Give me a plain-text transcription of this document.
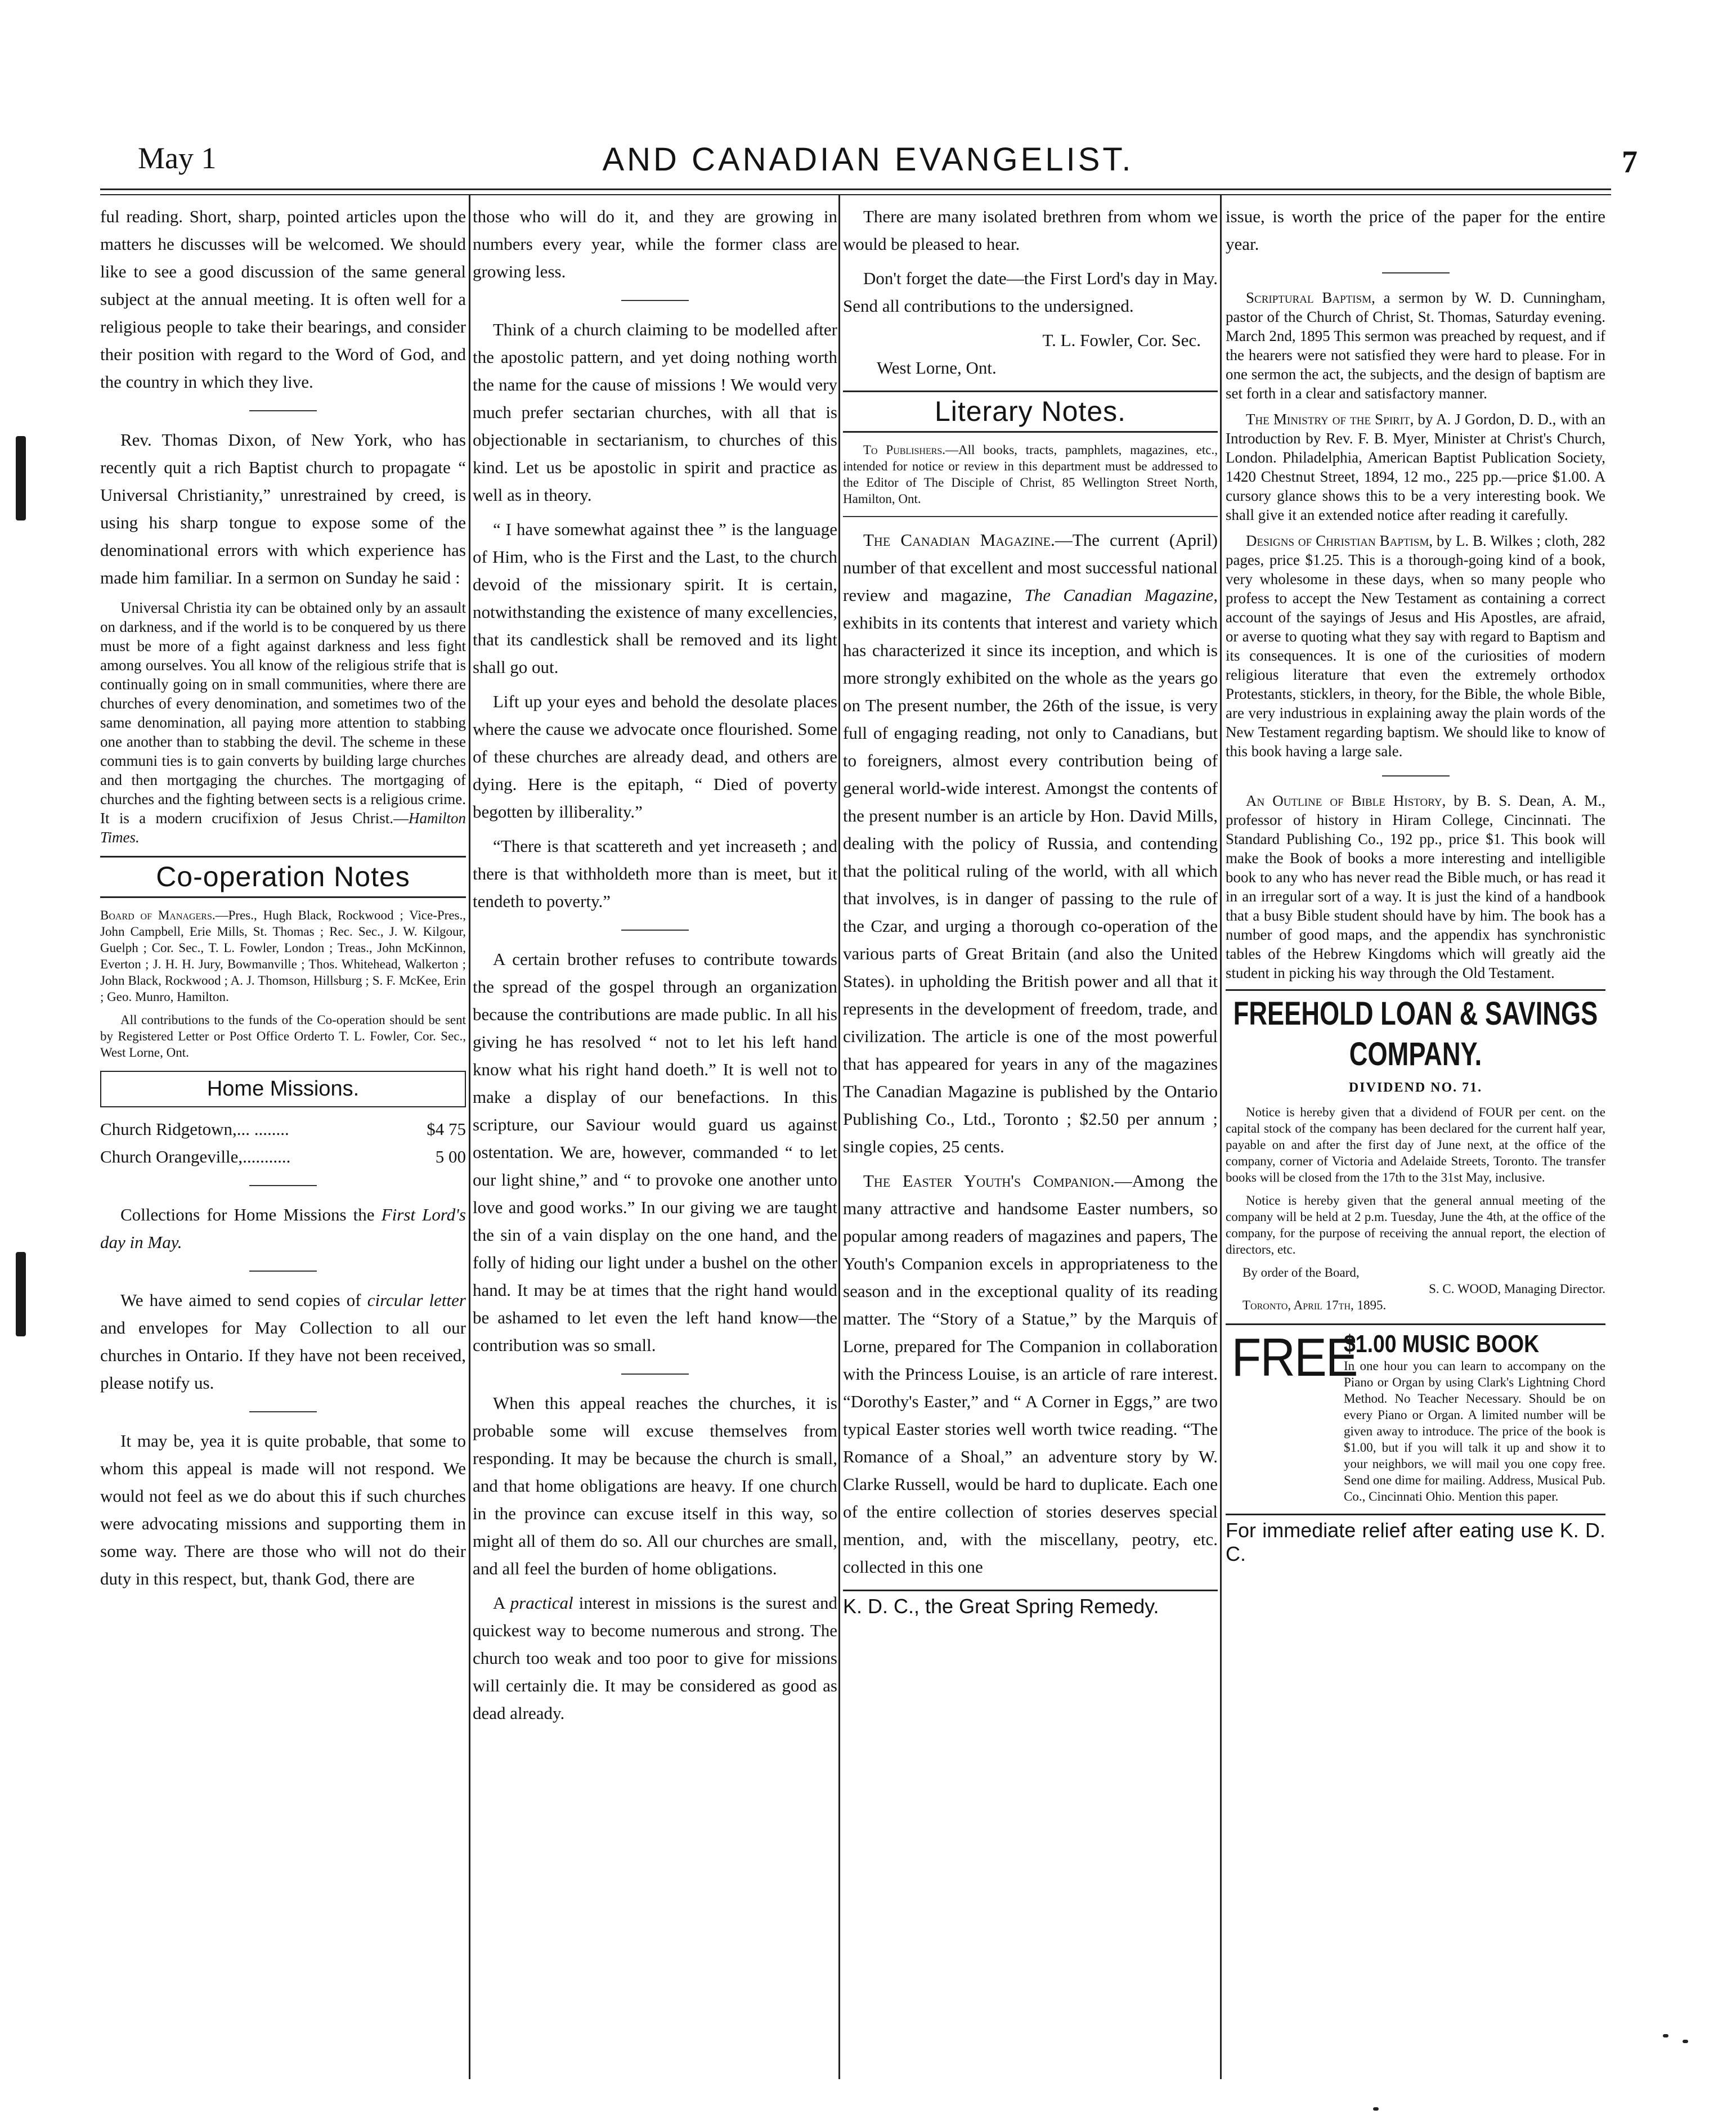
May 1	AND CANADIAN EVANGELIST.	7

ful reading. Short, sharp, pointed articles upon the matters he discusses will be welcomed. We should like to see a good discussion of the same general subject at the annual meeting. It is often well for a religious people to take their bearings, and consider their position with regard to the Word of God, and the country in which they live.

Rev. Thomas Dixon, of New York, who has recently quit a rich Baptist church to propagate “ Universal Christianity,” unrestrained by creed, is using his sharp tongue to expose some of the denominational errors with which experience has made him familiar. In a sermon on Sunday he said :

Universal Christia ity can be obtained only by an assault on darkness, and if the world is to be conquered by us there must be more of a fight against darkness and less fight among ourselves. You all know of the religious strife that is continually going on in small communities, where there are churches of every denomination, and sometimes two of the same denomination, all paying more attention to stabbing one another than to stabbing the devil. The scheme in these communi ties is to gain converts by building large churches and then mortgaging the churches. The mortgaging of churches and the fighting between sects is a religious crime. It is a modern crucifixion of Jesus Christ.—Hamilton Times.

Co-operation Notes

Board of Managers.—Pres., Hugh Black, Rockwood ; Vice-Pres., John Campbell, Erie Mills, St. Thomas ; Rec. Sec., J. W. Kilgour, Guelph ; Cor. Sec., T. L. Fowler, London ; Treas., John McKinnon, Everton ; J. H. H. Jury, Bowmanville ; Thos. Whitehead, Walkerton ; John Black, Rockwood ; A. J. Thomson, Hillsburg ; S. F. McKee, Erin ; Geo. Munro, Hamilton.

All contributions to the funds of the Co-operation should be sent by Registered Letter or Post Office Orderto T. L. Fowler, Cor. Sec., West Lorne, Ont.

Home Missions.
Church Ridgetown,... ........	$4 75
Church Orangeville,...........	5 00

Collections for Home Missions the First Lord's day in May.

We have aimed to send copies of circular letter and envelopes for May Collection to all our churches in Ontario. If they have not been received, please notify us.

It may be, yea it is quite probable, that some to whom this appeal is made will not respond. We would not feel as we do about this if such churches were advocating missions and supporting them in some way. There are those who will not do their duty in this respect, but, thank God, there are

those who will do it, and they are growing in numbers every year, while the former class are growing less.

Think of a church claiming to be modelled after the apostolic pattern, and yet doing nothing worth the name for the cause of missions ! We would very much prefer sectarian churches, with all that is objectionable in sectarianism, to churches of this kind. Let us be apostolic in spirit and practice as well as in theory.

“ I have somewhat against thee ” is the language of Him, who is the First and the Last, to the church devoid of the missionary spirit. It is certain, notwithstanding the existence of many excellencies, that its candlestick shall be removed and its light shall go out.

Lift up your eyes and behold the desolate places where the cause we advocate once flourished. Some of these churches are already dead, and others are dying. Here is the epitaph, “ Died of poverty begotten by illiberality.”

“There is that scattereth and yet increaseth ; and there is that withholdeth more than is meet, but it tendeth to poverty.”

A certain brother refuses to contribute towards the spread of the gospel through an organization because the contributions are made public. In all his giving he has resolved “ not to let his left hand know what his right hand doeth.” It is well not to make a display of our benefactions. In this scripture, our Saviour would guard us against ostentation. We are, however, commanded “ to let our light shine,” and “ to provoke one another unto love and good works.” In our giving we are taught the sin of a vain display on the one hand, and the folly of hiding our light under a bushel on the other hand. It may be at times that the right hand would be ashamed to let even the left hand know—the contribution was so small.

When this appeal reaches the churches, it is probable some will excuse themselves from responding. It may be because the church is small, and that home obligations are heavy. If one church in the province can excuse itself in this way, so might all of them do so. All our churches are small, and all feel the burden of home obligations.

A practical interest in missions is the surest and quickest way to become numerous and strong. The church too weak and too poor to give for missions will certainly die. It may be considered as good as dead already.

There are many isolated brethren from whom we would be pleased to hear.

Don't forget the date—the First Lord's day in May. Send all contributions to the undersigned.

T. L. Fowler, Cor. Sec.
West Lorne, Ont.
Literary Notes.

To Publishers.—All books, tracts, pamphlets, magazines, etc., intended for notice or review in this department must be addressed to the Editor of The Disciple of Christ, 85 Wellington Street North, Hamilton, Ont.

The Canadian Magazine.—The current (April) number of that excellent and most successful national review and magazine, The Canadian Magazine, exhibits in its contents that interest and variety which has characterized it since its inception, and which is more strongly exhibited on the whole as the years go on The present number, the 26th of the issue, is very full of engaging reading, not only to Canadians, but to foreigners, almost every contribution being of general world-wide interest. Amongst the contents of the present number is an article by Hon. David Mills, dealing with the policy of Russia, and contending that the political ruling of the world, with all which that involves, is in danger of passing to the rule of the Czar, and urging a thorough co-operation of the various parts of Great Britain (and also the United States). in upholding the British power and all that it represents in the development of freedom, trade, and civilization. The article is one of the most powerful that has appeared for years in any of the magazines The Canadian Magazine is published by the Ontario Publishing Co., Ltd., Toronto ; $2.50 per annum ; single copies, 25 cents.

The Easter Youth's Companion.—Among the many attractive and handsome Easter numbers, so popular among readers of magazines and papers, The Youth's Companion excels in appropriateness to the season and in the exceptional quality of its reading matter. The “Story of a Statue,” by the Marquis of Lorne, prepared for The Companion in collaboration with the Princess Louise, is an article of rare interest. “Dorothy's Easter,” and “ A Corner in Eggs,” are two typical Easter stories well worth twice reading. “The Romance of a Shoal,” an adventure story by W. Clarke Russell, would be hard to duplicate. Each one of the entire collection of stories deserves special mention, and, with the miscellany, peotry, etc. collected in this one

K. D. C., the Great Spring Remedy.

issue, is worth the price of the paper for the entire year.

Scriptural Baptism, a sermon by W. D. Cunningham, pastor of the Church of Christ, St. Thomas, Saturday evening. March 2nd, 1895 This sermon was preached by request, and if the hearers were not satisfied they were hard to please. For in one sermon the act, the subjects, and the design of baptism are set forth in a clear and satisfactory manner.

The Ministry of the Spirit, by A. J Gordon, D. D., with an Introduction by Rev. F. B. Myer, Minister at Christ's Church, London. Philadelphia, American Baptist Publication Society, 1420 Chestnut Street, 1894, 12 mo., 225 pp.—price $1.00. A cursory glance shows this to be a very interesting book. We shall give it an extended notice after reading it carefully.

Designs of Christian Baptism, by L. B. Wilkes ; cloth, 282 pages, price $1.25. This is a thorough-going kind of a book, very wholesome in these days, when so many people who profess to accept the New Testament as containing a correct account of the sayings of Jesus and His Apostles, are afraid, or averse to quoting what they say with regard to Baptism and its consequences. It is one of the curiosities of modern religious literature that even the extremely orthodox Protestants, sticklers, in theory, for the Bible, the whole Bible, are very industrious in explaining away the plain words of the New Testament regarding baptism. We should like to know of this book having a large sale.

An Outline of Bible History, by B. S. Dean, A. M., professor of history in Hiram College, Cincinnati. The Standard Publishing Co., 192 pp., price $1. This book will make the Book of books a more interesting and intelligible book to any who has never read the Bible much, or has read it in an irregular sort of a way. It is just the kind of a handbook that a busy Bible student should have by him. The book has a number of good maps, and the appendix has synchronistic tables of the Hebrew Kingdoms which will greatly aid the student in picking his way through the Old Testament.

FREEHOLD LOAN & SAVINGS
COMPANY.
DIVIDEND NO. 71.

Notice is hereby given that a dividend of FOUR per cent. on the capital stock of the company has been declared for the current half year, payable on and after the first day of June next, at the office of the company, corner of Victoria and Adelaide Streets, Toronto. The transfer books will be closed from the 17th to the 31st May, inclusive.

Notice is hereby given that the general annual meeting of the company will be held at 2 p.m. Tuesday, June the 4th, at the office of the company, for the purpose of receiving the annual report, the election of directors, etc.

By order of the Board,
S. C. WOOD, Managing Director.
Toronto, April 17th, 1895.
FREE
$1.00 MUSIC BOOK
In one hour you can learn to accompany on the Piano or Organ by using Clark's Lightning Chord Method. No Teacher Necessary. Should be on every Piano or Organ. A limited number will be given away to introduce. The price of the book is $1.00, but if you will talk it up and show it to your neighbors, we will mail you one copy free. Send one dime for mailing. Address, Musical Pub. Co., Cincinnati Ohio. Mention this paper.
For immediate relief after eating use K. D. C.
